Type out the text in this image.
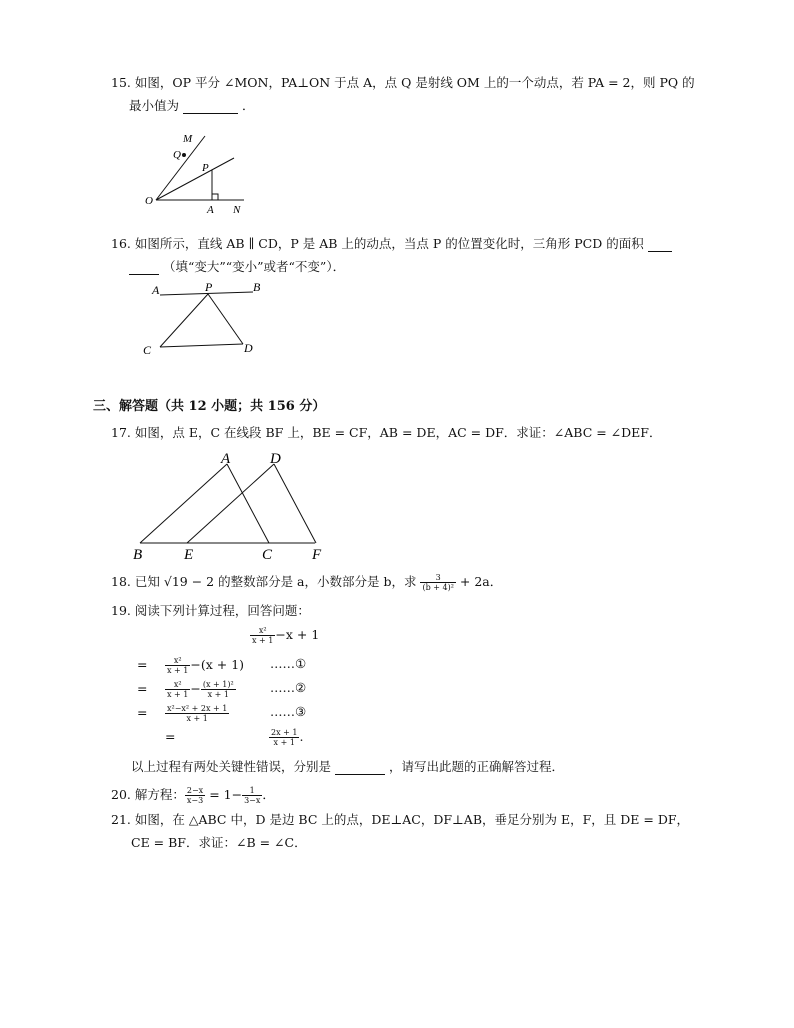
15. 如图，OP 平分 ∠MON，PA⊥ON 于点 A，点 Q 是射线 OM 上的一个动点，若 PA = 2，则 PQ 的
最小值为	．
M
Q
P
O
A N
16. 如图所示，直线 AB ∥ CD，P 是 AB 上的动点，当点 P 的位置变化时，三角形 PCD 的面积
（填“变大”“变小”或者“不变”）．
A	P	B
C	D
三、解答题（共 12 小题；共 156 分）
17. 如图，点 E，C 在线段 BF 上，BE = CF，AB = DE，AC = DF．求证：∠ABC = ∠DEF．
A	D
B	E	C	F
18. 已知 √19 − 2 的整数部分是 a，小数部分是 b，求 $\frac{3}{\text{(b + 4)²}} + 2a$．
19. 阅读下列计算过程，回答问题：
$\frac{\text{x²}}{x + 1} -x + 1$
= $\frac{\text{x²}}{x + 1} -(x + 1)$ ……①
= $\frac{\text{x²}}{x + 1} - \frac{\text{(x + 1)²}}{x + 1}$	……②
= $\frac{\text{x²−x² + 2x + 1}}{x + 1}$	……③
=	$\frac{2x + 1}{x + 1}$ .
以上过程有两处关键性错误，分别是	，请写出此题的正确解答过程．
20. 解方程： $\frac{2-x}{x-3} = 1- \frac{1}{3-x}$ ．
21. 如图，在 △ABC 中，D 是边 BC 上的点，DE⊥AC，DF⊥AB，垂足分别为 E，F，且 DE = DF，
CE = BF．求证：∠B = ∠C．
